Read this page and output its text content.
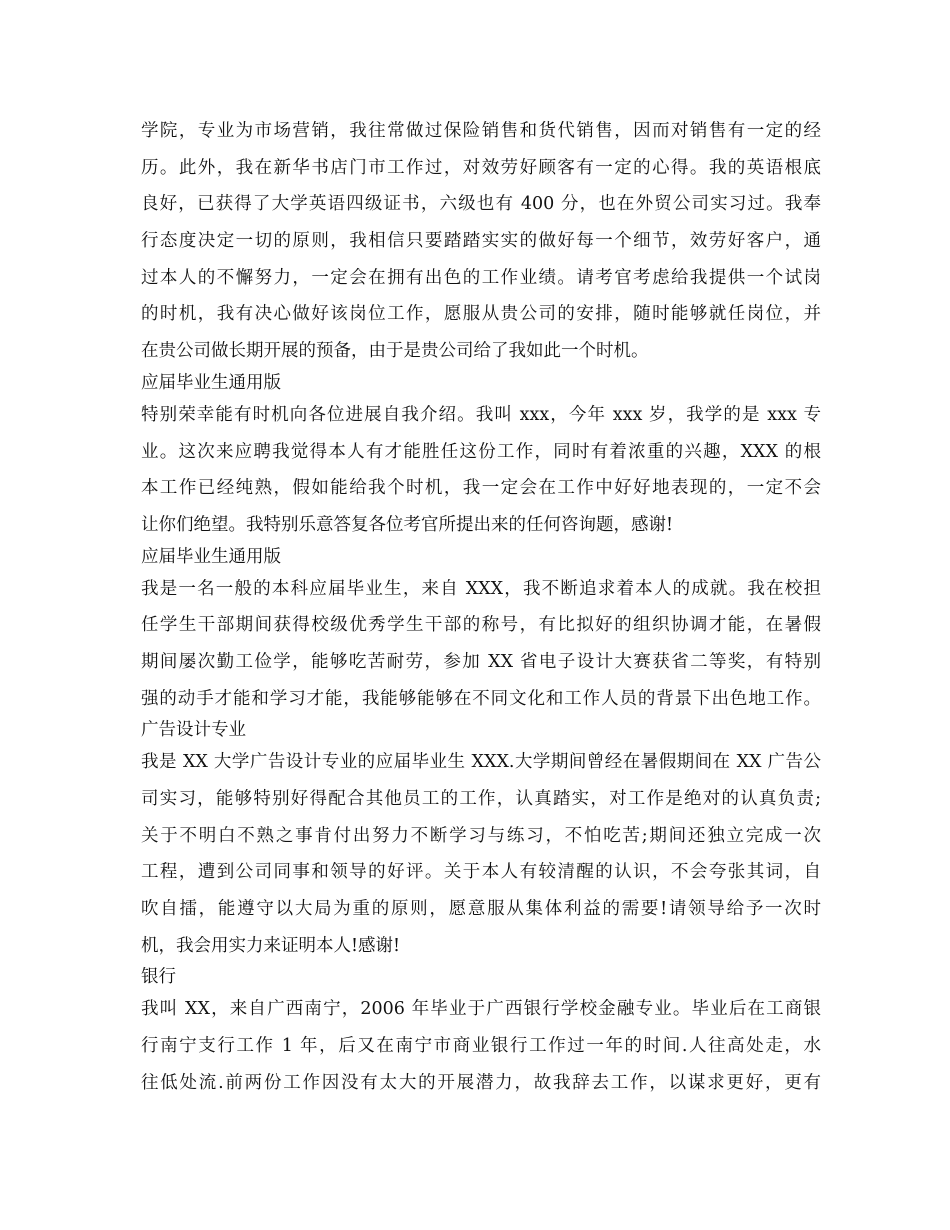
学院，专业为市场营销，我往常做过保险销售和货代销售，因而对销售有一定的经
历。此外，我在新华书店门市工作过，对效劳好顾客有一定的心得。我的英语根底
良好，已获得了大学英语四级证书，六级也有 400 分，也在外贸公司实习过。我奉
行态度决定一切的原则，我相信只要踏踏实实的做好每一个细节，效劳好客户，通
过本人的不懈努力，一定会在拥有出色的工作业绩。请考官考虑给我提供一个试岗
的时机，我有决心做好该岗位工作，愿服从贵公司的安排，随时能够就任岗位，并
在贵公司做长期开展的预备，由于是贵公司给了我如此一个时机。
应届毕业生通用版
特别荣幸能有时机向各位进展自我介绍。我叫 xxx，今年 xxx 岁，我学的是 xxx 专
业。这次来应聘我觉得本人有才能胜任这份工作，同时有着浓重的兴趣，XXX 的根
本工作已经纯熟，假如能给我个时机，我一定会在工作中好好地表现的，一定不会
让你们绝望。我特别乐意答复各位考官所提出来的任何咨询题，感谢!
应届毕业生通用版
我是一名一般的本科应届毕业生，来自 XXX，我不断追求着本人的成就。我在校担
任学生干部期间获得校级优秀学生干部的称号，有比拟好的组织协调才能，在暑假
期间屡次勤工俭学，能够吃苦耐劳，参加 XX 省电子设计大赛获省二等奖，有特别
强的动手才能和学习才能，我能够能够在不同文化和工作人员的背景下出色地工作。
广告设计专业
我是 XX 大学广告设计专业的应届毕业生 XXX.大学期间曾经在暑假期间在 XX 广告公
司实习，能够特别好得配合其他员工的工作，认真踏实，对工作是绝对的认真负责;
关于不明白不熟之事肯付出努力不断学习与练习，不怕吃苦;期间还独立完成一次
工程，遭到公司同事和领导的好评。关于本人有较清醒的认识，不会夸张其词，自
吹自擂，能遵守以大局为重的原则，愿意服从集体利益的需要!请领导给予一次时
机，我会用实力来证明本人!感谢!
银行
我叫 XX，来自广西南宁，2006 年毕业于广西银行学校金融专业。毕业后在工商银
行南宁支行工作 1 年，后又在南宁市商业银行工作过一年的时间.人往高处走，水
往低处流.前两份工作因没有太大的开展潜力，故我辞去工作，以谋求更好，更有
